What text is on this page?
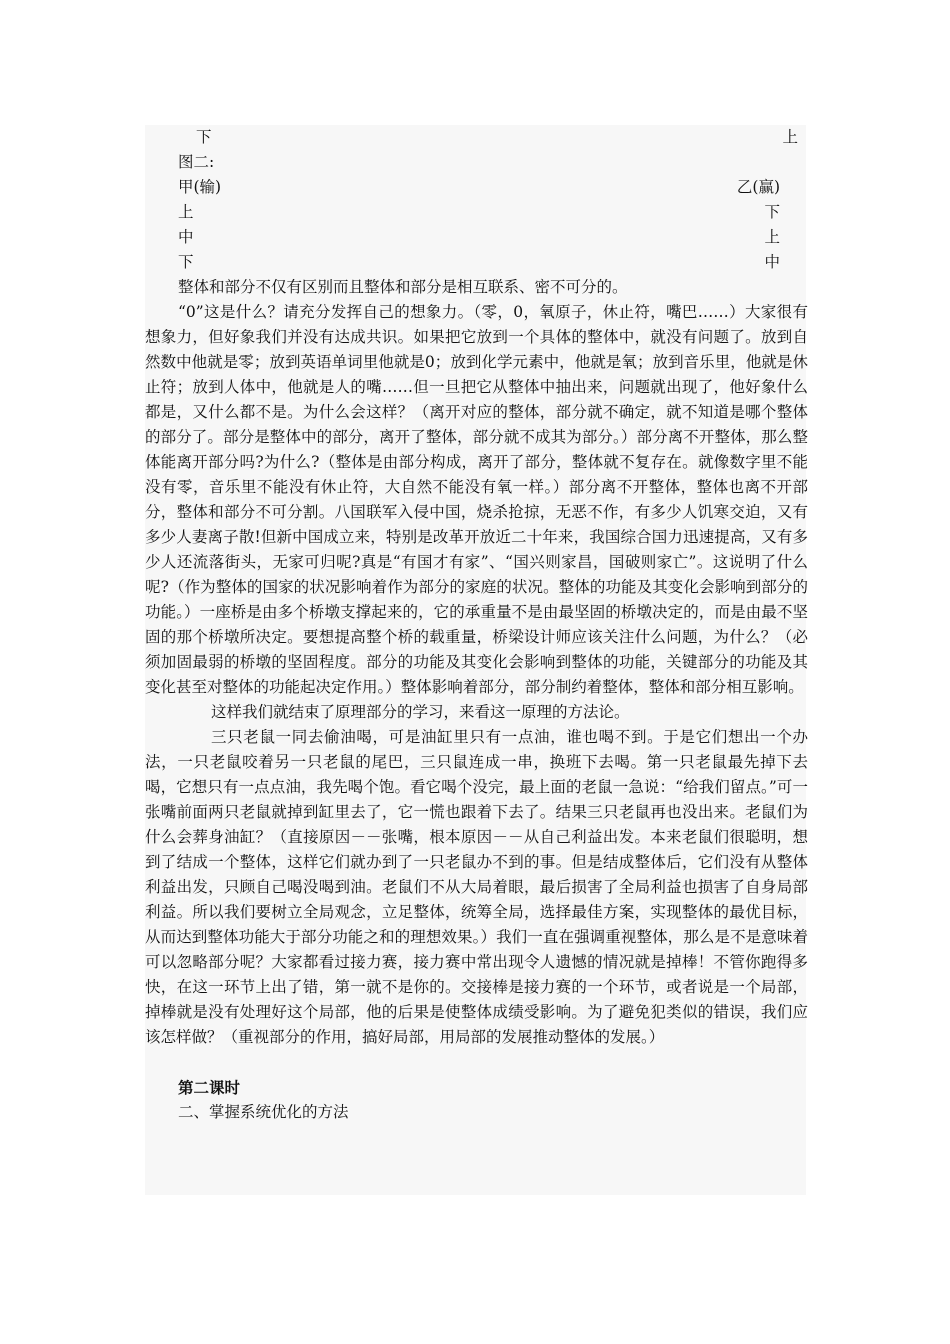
下	上
图二:
甲(输)	乙(赢)
上	下
中	上
下	中

整体和部分不仅有区别而且整体和部分是相互联系、密不可分的。

“0”这是什么？请充分发挥自己的想象力。（零，0，氧原子，休止符，嘴巴……）大家很有想象力，但好象我们并没有达成共识。如果把它放到一个具体的整体中，就没有问题了。放到自然数中他就是零；放到英语单词里他就是0；放到化学元素中，他就是氧；放到音乐里，他就是休止符；放到人体中，他就是人的嘴……但一旦把它从整体中抽出来，问题就出现了，他好象什么都是，又什么都不是。为什么会这样？（离开对应的整体，部分就不确定，就不知道是哪个整体的部分了。部分是整体中的部分，离开了整体，部分就不成其为部分。）部分离不开整体，那么整体能离开部分吗?为什么?（整体是由部分构成，离开了部分，整体就不复存在。就像数字里不能没有零，音乐里不能没有休止符，大自然不能没有氧一样。）部分离不开整体，整体也离不开部分，整体和部分不可分割。八国联军入侵中国，烧杀抢掠，无恶不作，有多少人饥寒交迫，又有多少人妻离子散!但新中国成立来，特别是改革开放近二十年来，我国综合国力迅速提高，又有多少人还流落街头，无家可归呢?真是“有国才有家”、“国兴则家昌，国破则家亡”。这说明了什么呢?（作为整体的国家的状况影响着作为部分的家庭的状况。整体的功能及其变化会影响到部分的功能。）一座桥是由多个桥墩支撑起来的，它的承重量不是由最坚固的桥墩决定的，而是由最不坚固的那个桥墩所决定。要想提高整个桥的载重量，桥梁设计师应该关注什么问题，为什么？（必须加固最弱的桥墩的坚固程度。部分的功能及其变化会影响到整体的功能，关键部分的功能及其变化甚至对整体的功能起决定作用。）整体影响着部分，部分制约着整体，整体和部分相互影响。

这样我们就结束了原理部分的学习，来看这一原理的方法论。

三只老鼠一同去偷油喝，可是油缸里只有一点油，谁也喝不到。于是它们想出一个办法，一只老鼠咬着另一只老鼠的尾巴，三只鼠连成一串，换班下去喝。第一只老鼠最先掉下去喝，它想只有一点点油，我先喝个饱。看它喝个没完，最上面的老鼠一急说：“给我们留点。”可一张嘴前面两只老鼠就掉到缸里去了，它一慌也跟着下去了。结果三只老鼠再也没出来。老鼠们为什么会葬身油缸？（直接原因－－张嘴，根本原因－－从自己利益出发。本来老鼠们很聪明，想到了结成一个整体，这样它们就办到了一只老鼠办不到的事。但是结成整体后，它们没有从整体利益出发，只顾自己喝没喝到油。老鼠们不从大局着眼，最后损害了全局利益也损害了自身局部利益。所以我们要树立全局观念，立足整体，统筹全局，选择最佳方案，实现整体的最优目标，从而达到整体功能大于部分功能之和的理想效果。）我们一直在强调重视整体，那么是不是意味着可以忽略部分呢？大家都看过接力赛，接力赛中常出现令人遗憾的情况就是掉棒！不管你跑得多快，在这一环节上出了错，第一就不是你的。交接棒是接力赛的一个环节，或者说是一个局部，掉棒就是没有处理好这个局部，他的后果是使整体成绩受影响。为了避免犯类似的错误，我们应该怎样做？（重视部分的作用，搞好局部，用局部的发展推动整体的发展。）

第二课时
二、掌握系统优化的方法
